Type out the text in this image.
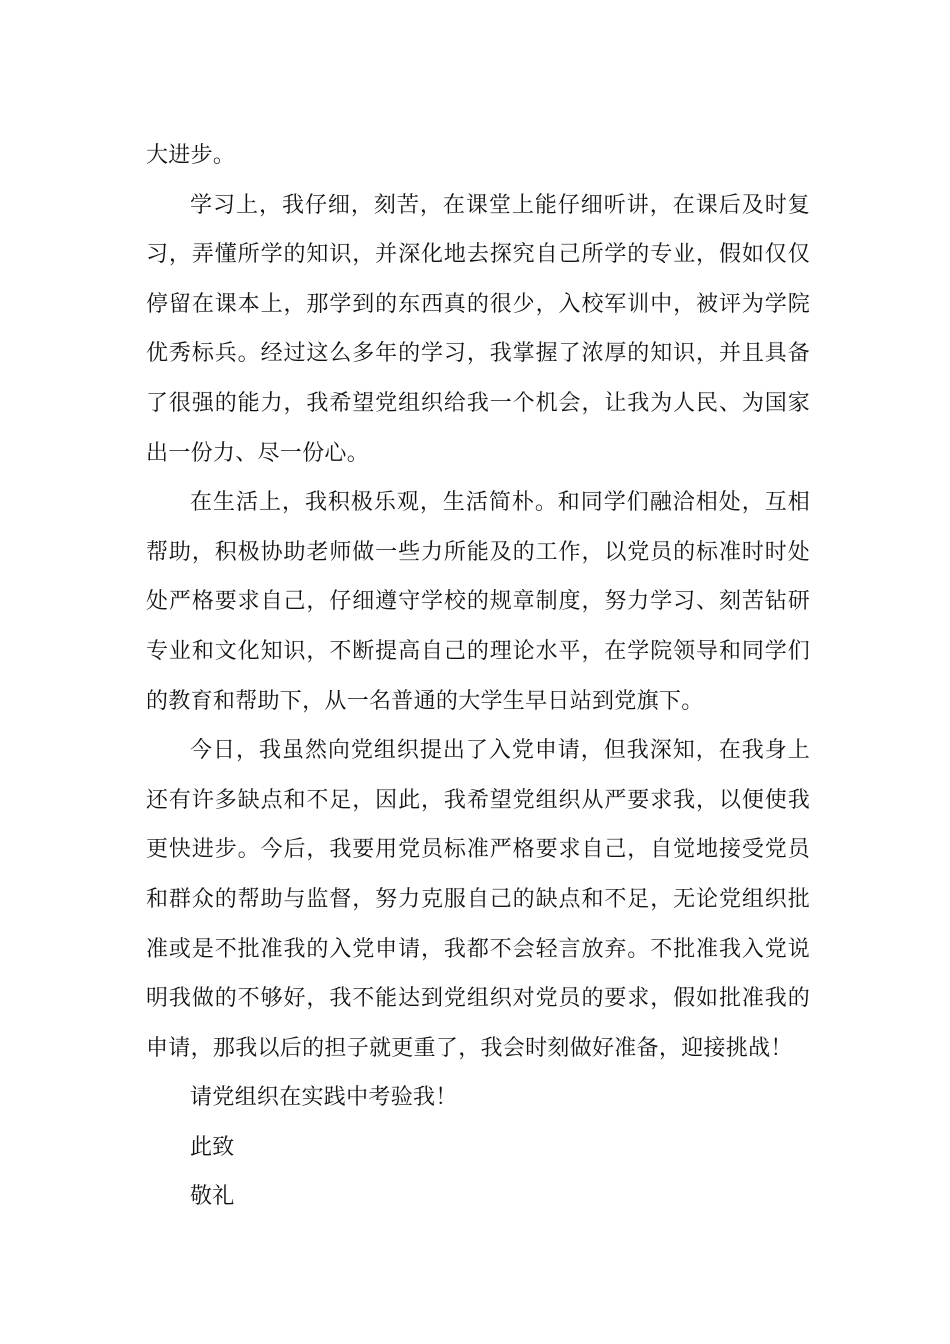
大进步。

学习上，我仔细，刻苦，在课堂上能仔细听讲，在课后及时复习，弄懂所学的知识，并深化地去探究自己所学的专业，假如仅仅停留在课本上，那学到的东西真的很少，入校军训中，被评为学院优秀标兵。经过这么多年的学习，我掌握了浓厚的知识，并且具备了很强的能力，我希望党组织给我一个机会，让我为人民、为国家出一份力、尽一份心。

在生活上，我积极乐观，生活简朴。和同学们融洽相处，互相帮助，积极协助老师做一些力所能及的工作，以党员的标准时时处处严格要求自己，仔细遵守学校的规章制度，努力学习、刻苦钻研专业和文化知识，不断提高自己的理论水平，在学院领导和同学们的教育和帮助下，从一名普通的大学生早日站到党旗下。

今日，我虽然向党组织提出了入党申请，但我深知，在我身上还有许多缺点和不足，因此，我希望党组织从严要求我，以便使我更快进步。今后，我要用党员标准严格要求自己，自觉地接受党员和群众的帮助与监督，努力克服自己的缺点和不足，无论党组织批准或是不批准我的入党申请，我都不会轻言放弃。不批准我入党说明我做的不够好，我不能达到党组织对党员的要求，假如批准我的申请，那我以后的担子就更重了，我会时刻做好准备，迎接挑战！

请党组织在实践中考验我！

此致

敬礼
